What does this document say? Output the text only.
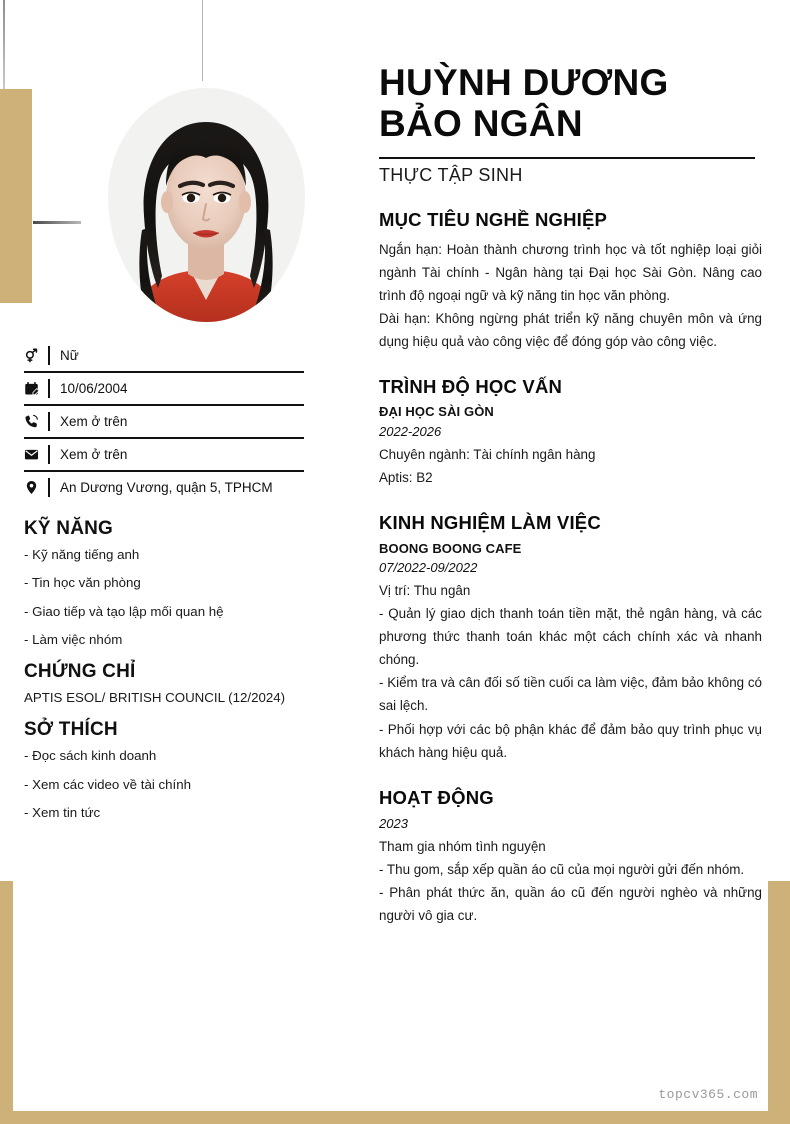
Nữ
10/06/2004
Xem ở trên
Xem ở trên
An Dương Vương, quận 5, TPHCM
KỸ NĂNG
- Kỹ năng tiếng anh
- Tin học văn phòng
- Giao tiếp và tạo lập mối quan hệ
- Làm việc nhóm
CHỨNG CHỈ
APTIS ESOL/ BRITISH COUNCIL (12/2024)
SỞ THÍCH
- Đọc sách kinh doanh
- Xem các video về tài chính
- Xem tin tức
HUỲNH DƯƠNG
BẢO NGÂN
THỰC TẬP SINH
MỤC TIÊU NGHỀ NGHIỆP

Ngắn hạn: Hoàn thành chương trình học và tốt nghiệp loại giỏi ngành Tài chính - Ngân hàng tại Đại học Sài Gòn. Nâng cao trình độ ngoại ngữ và kỹ năng tin học văn phòng.

Dài hạn: Không ngừng phát triển kỹ năng chuyên môn và ứng dụng hiệu quả vào công việc để đóng góp vào công việc.

TRÌNH ĐỘ HỌC VẤN
ĐẠI HỌC SÀI GÒN
2022-2026
Chuyên ngành: Tài chính ngân hàng
Aptis: B2
KINH NGHIỆM LÀM VIỆC
BOONG BOONG CAFE
07/2022-09/2022
Vị trí: Thu ngân

- Quản lý giao dịch thanh toán tiền mặt, thẻ ngân hàng, và các phương thức thanh toán khác một cách chính xác và nhanh chóng.

- Kiểm tra và cân đối số tiền cuối ca làm việc, đảm bảo không có sai lệch.

- Phối hợp với các bộ phận khác để đảm bảo quy trình phục vụ khách hàng hiệu quả.

HOẠT ĐỘNG
2023
Tham gia nhóm tình nguyện

- Thu gom, sắp xếp quần áo cũ của mọi người gửi đến nhóm.

- Phân phát thức ăn, quần áo cũ đến người nghèo và những người vô gia cư.

topcv365.com
